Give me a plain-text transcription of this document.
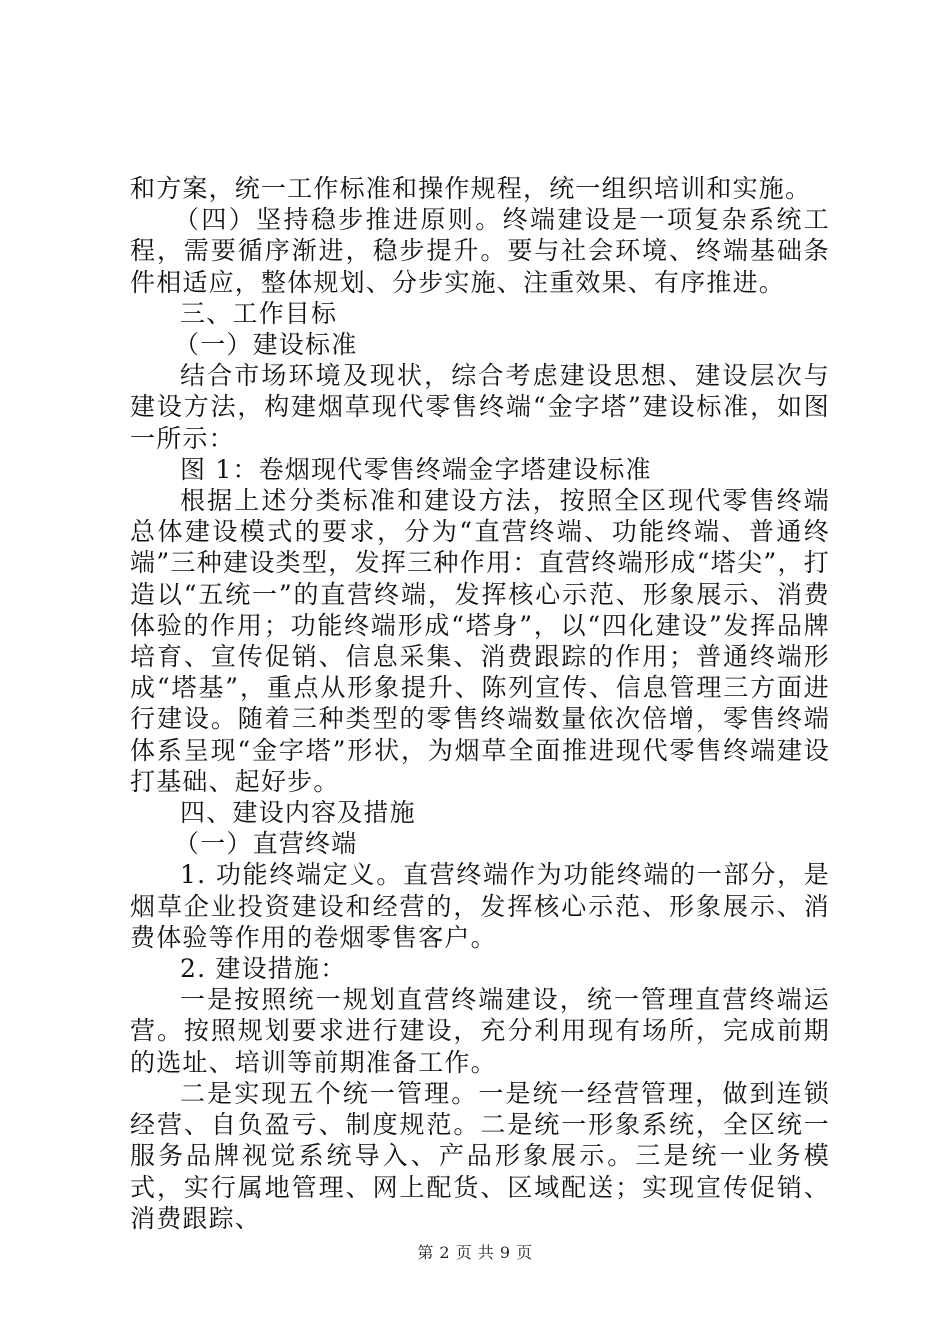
和方案，统一工作标准和操作规程，统一组织培训和实施。

（四）坚持稳步推进原则。终端建设是一项复杂系统工程，需要循序渐进，稳步提升。要与社会环境、终端基础条件相适应，整体规划、分步实施、注重效果、有序推进。

三、工作目标

（一）建设标准

结合市场环境及现状，综合考虑建设思想、建设层次与建设方法，构建烟草现代零售终端“金字塔”建设标准，如图一所示：

图 1：卷烟现代零售终端金字塔建设标准

根据上述分类标准和建设方法，按照全区现代零售终端总体建设模式的要求，分为“直营终端、功能终端、普通终端”三种建设类型，发挥三种作用：直营终端形成“塔尖”，打造以“五统一”的直营终端，发挥核心示范、形象展示、消费体验的作用；功能终端形成“塔身”，以“四化建设”发挥品牌培育、宣传促销、信息采集、消费跟踪的作用；普通终端形成“塔基”，重点从形象提升、陈列宣传、信息管理三方面进行建设。随着三种类型的零售终端数量依次倍增，零售终端体系呈现“金字塔”形状，为烟草全面推进现代零售终端建设打基础、起好步。

四、建设内容及措施

（一）直营终端

1. 功能终端定义。直营终端作为功能终端的一部分，是烟草企业投资建设和经营的，发挥核心示范、形象展示、消费体验等作用的卷烟零售客户。

2. 建设措施：

一是按照统一规划直营终端建设，统一管理直营终端运营。按照规划要求进行建设，充分利用现有场所，完成前期的选址、培训等前期准备工作。

二是实现五个统一管理。一是统一经营管理，做到连锁经营、自负盈亏、制度规范。二是统一形象系统，全区统一服务品牌视觉系统导入、产品形象展示。三是统一业务模式，实行属地管理、网上配货、区域配送；实现宣传促销、消费跟踪、

第 2 页 共 9 页
